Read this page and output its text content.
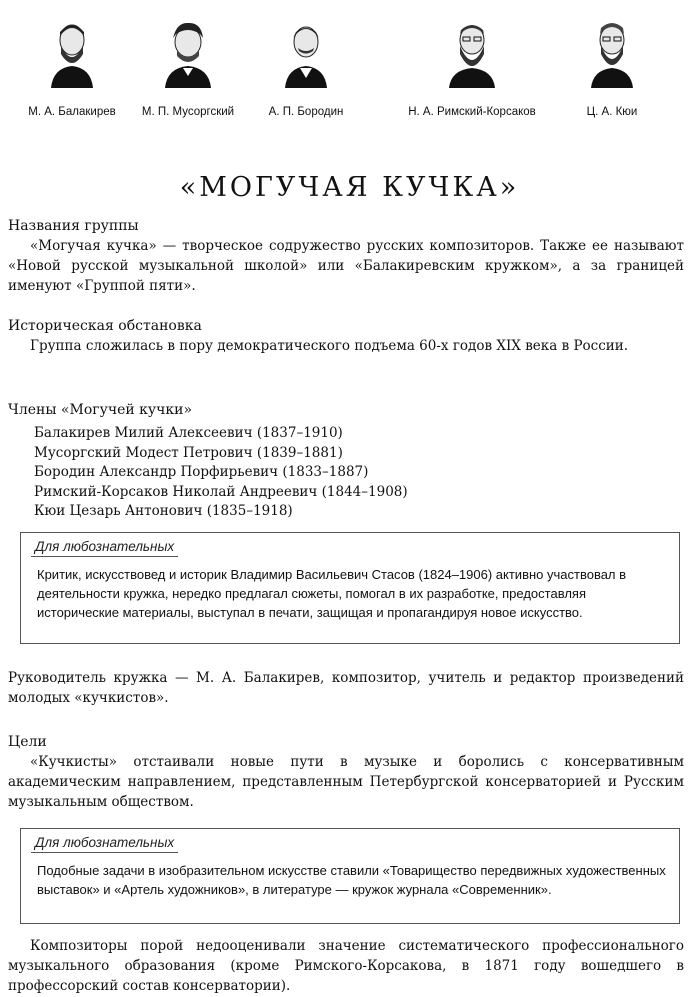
М. А. Балакирев	М. П. Мусоргский	А. П. Бородин	Н. А. Римский-Корсаков	Ц. А. Кюи
«МОГУЧАЯ КУЧКА»
Названия группы
«Могучая кучка» — творческое содружество русских композиторов. Также ее называют «Новой русской музыкальной школой» или «Балакиревским кружком», а за границей именуют «Группой пяти».
Историческая обстановка
Группа сложилась в пору демократического подъема 60-х годов XIX века в России.
Члены «Могучей кучки»
Балакирев Милий Алексеевич (1837–1910)
Мусоргский Модест Петрович (1839–1881)
Бородин Александр Порфирьевич (1833–1887)
Римский-Корсаков Николай Андреевич (1844–1908)
Кюи Цезарь Антонович (1835–1918)
Для любознательных
Критик, искусствовед и историк Владимир Васильевич Стасов (1824–1906) активно участвовал в деятельности кружка, нередко предлагал сюжеты, помогал в их разработке, предоставляя исторические материалы, выступал в печати, защищая и пропагандируя новое искусство.
Руководитель кружка — М. А. Балакирев, композитор, учитель и редактор произведений молодых «кучкистов».
Цели
«Кучкисты» отстаивали новые пути в музыке и боролись с консервативным академическим направлением, представленным Петербургской консерваторией и Русским музыкальным обществом.
Для любознательных
Подобные задачи в изобразительном искусстве ставили «Товарищество передвижных художественных выставок» и «Артель художников», в литературе — кружок журнала «Современник».
Композиторы порой недооценивали значение систематического профессионального музыкального образования (кроме Римского-Корсакова, в 1871 году вошедшего в профессорский состав консерватории).
